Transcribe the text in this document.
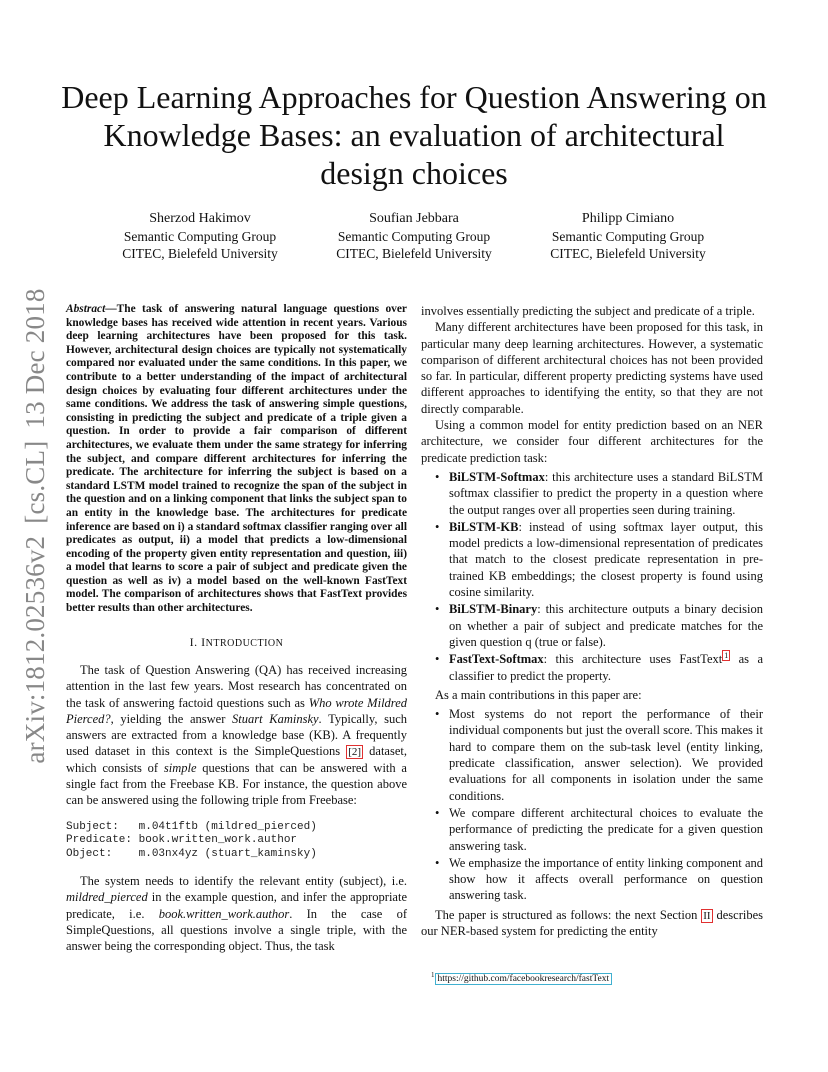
arXiv:1812.02536v2[cs.CL]13 Dec 2018
Deep Learning Approaches for Question Answering on Knowledge Bases: an evaluation of architectural design choices
Sherzod Hakimov
Semantic Computing Group
CITEC, Bielefeld University
Soufian Jebbara
Semantic Computing Group
CITEC, Bielefeld University
Philipp Cimiano
Semantic Computing Group
CITEC, Bielefeld University

Abstract—The task of answering natural language questions over knowledge bases has received wide attention in recent years. Various deep learning architectures have been proposed for this task. However, architectural design choices are typically not systematically compared nor evaluated under the same conditions. In this paper, we contribute to a better understanding of the impact of architectural design choices by evaluating four different architectures under the same conditions. We address the task of answering simple questions, consisting in predicting the subject and predicate of a triple given a question. In order to provide a fair comparison of different architectures, we evaluate them under the same strategy for inferring the subject, and compare different architectures for inferring the predicate. The architecture for inferring the subject is based on a standard LSTM model trained to recognize the span of the subject in the question and on a linking component that links the subject span to an entity in the knowledge base. The architectures for predicate inference are based on i) a standard softmax classifier ranging over all predicates as output, ii) a model that predicts a low-dimensional encoding of the property given entity representation and question, iii) a model that learns to score a pair of subject and predicate given the question as well as iv) a model based on the well-known FastText model. The comparison of architectures shows that FastText provides better results than other architectures.

I. INTRODUCTION

The task of Question Answering (QA) has received increasing attention in the last few years. Most research has concentrated on the task of answering factoid questions such as Who wrote Mildred Pierced?, yielding the answer Stuart Kaminsky. Typically, such answers are extracted from a knowledge base (KB). A frequently used dataset in this context is the SimpleQuestions [2] dataset, which consists of simple questions that can be answered with a single fact from the Freebase KB. For instance, the question above can be answered using the following triple from Freebase:

Subject:   m.04t1ftb (mildred_pierced)
Predicate: book.written_work.author
Object:    m.03nx4yz (stuart_kaminsky)

The system needs to identify the relevant entity (subject), i.e. mildred_pierced in the example question, and infer the appropriate predicate, i.e. book.written_work.author. In the case of SimpleQuestions, all questions involve a single triple, with the answer being the corresponding object. Thus, the task

involves essentially predicting the subject and predicate of a triple.

Many different architectures have been proposed for this task, in particular many deep learning architectures. However, a systematic comparison of different architectural choices has not been provided so far. In particular, different property predicting systems have used different approaches to identifying the entity, so that they are not directly comparable.

Using a common model for entity prediction based on an NER architecture, we consider four different architectures for the predicate prediction task:

• BiLSTM-Softmax: this architecture uses a standard BiLSTM softmax classifier to predict the property in a question where the output ranges over all properties seen during training.
• BiLSTM-KB: instead of using softmax layer output, this model predicts a low-dimensional representation of predicates that match to the closest predicate representation in pre-trained KB embeddings; the closest property is found using cosine similarity.
• BiLSTM-Binary: this architecture outputs a binary decision on whether a pair of subject and predicate matches for the given question q (true or false).
• FastText-Softmax: this architecture uses FastText $^1$ as a classifier to predict the property.

As a main contributions in this paper are:

• Most systems do not report the performance of their individual components but just the overall score. This makes it hard to compare them on the sub-task level (entity linking, predicate classification, answer selection). We provided evaluations for all components in isolation under the same conditions.
• We compare different architectural choices to evaluate the performance of predicting the predicate for a given question answering task.
• We emphasize the importance of entity linking component and show how it affects overall performance on question answering task.

The paper is structured as follows: the next Section II describes our NER-based system for predicting the entity

$^1$ https://github.com/facebookresearch/fastText
